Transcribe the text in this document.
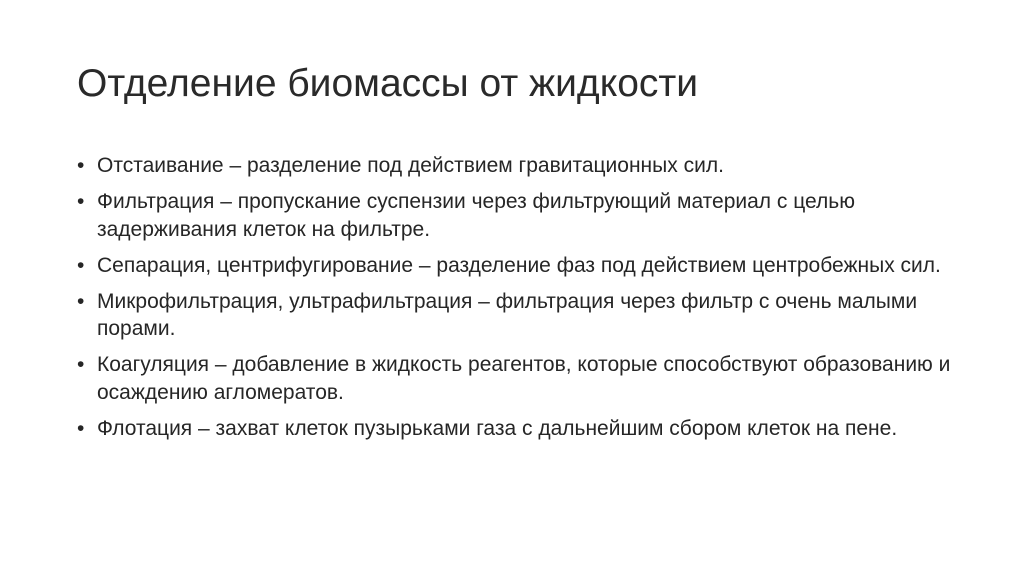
Отделение биомассы от жидкости
• Отстаивание – разделение под действием гравитационных сил.
• Фильтрация – пропускание суспензии через фильтрующий материал с целью задерживания клеток на фильтре.
• Сепарация, центрифугирование – разделение фаз под действием центробежных сил.
• Микрофильтрация, ультрафильтрация – фильтрация через фильтр с очень малыми порами.
• Коагуляция – добавление в жидкость реагентов, которые способствуют образованию и осаждению агломератов.
• Флотация – захват клеток пузырьками газа с дальнейшим сбором клеток на пене.
